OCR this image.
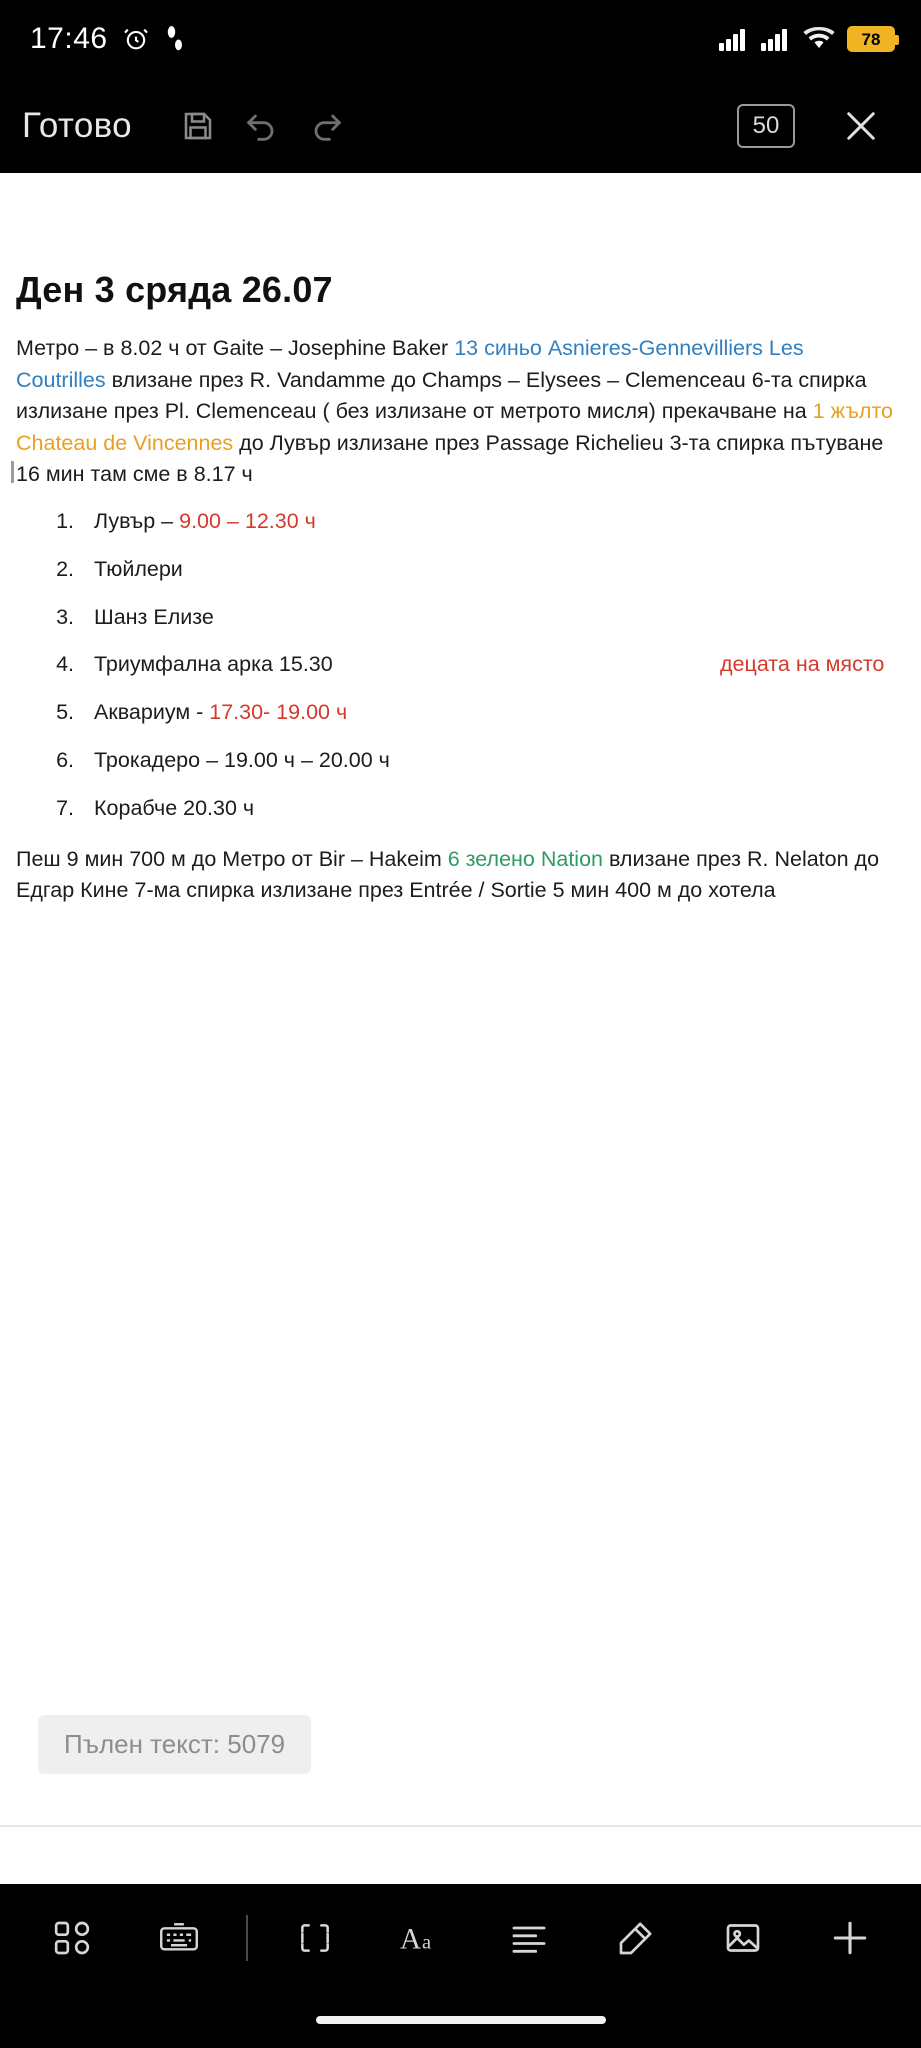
17:46	78
Готово	50
Ден 3 сряда 26.07

Метро – в 8.02 ч от Gaite – Josephine Baker 13 синьо Asnieres-Gennevilliers Les Coutrilles влизане през R. Vandamme до Champs – Elysees – Clemenceau 6-та спирка излизане през Pl. Clemenceau ( без излизане от метрото мисля) прекачване на 1 жълто Chateau de Vincennes до Лувър излизане през Passage Richelieu 3-та спирка пътуване 16 мин там сме в 8.17 ч

1. Лувър – 9.00 – 12.30 ч
2. Тюйлери
3. Шанз Елизе
4. Триумфална арка 15.30	децата на място
5. Аквариум - 17.30- 19.00 ч
6. Трокадеро – 19.00 ч – 20.00 ч
7. Корабче 20.30 ч

Пеш 9 мин 700 м до Метро от Bir – Hakeim 6 зелено Nation влизане през R. Nelaton до Едгар Кине 7-ма спирка излизане през Entrée / Sortie 5 мин 400 м до хотела

Пълен текст: 5079
A a
